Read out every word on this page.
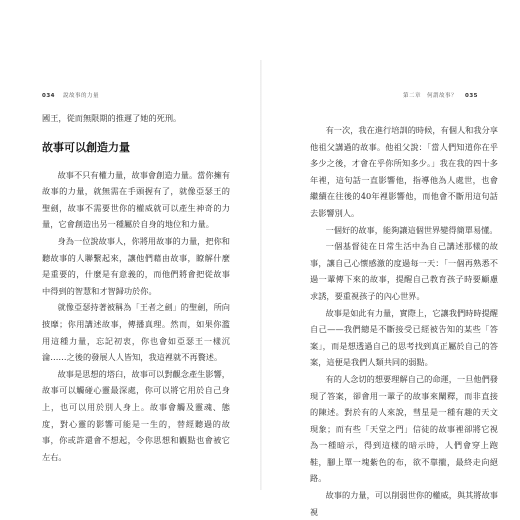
034 說故事的力量

國王，從而無限期的推遲了她的死刑。

故事可以創造力量

故事不只有權力量，故事會創造力量。當你擁有故事的力量，就無需在手頭握有了，就像亞瑟王的聖劍，故事不需要世你的權威就可以產生神奇的力量，它會創造出另一種屬於自身的地位和力量。

身為一位說故事人，你將用故事的力量，把你和聽故事的人聯繫起來，讓他們藉由故事，瞭解什麼是重要的，什麼是有意義的，而他們將會把從故事中得到的智慧和才智歸功於你。

就像亞瑟持著被稱為「王者之劍」的聖劍，所向披靡；你用講述故事，傳播真理。然而，如果你濫用這種力量，忘記初衷，你也會如亞瑟王一樣沉淪……之後的發展人人皆知，我這裡就不再贅述。

故事是思想的塔臼，故事可以對觀念產生影響，故事可以觸碰心靈最深處，你可以將它用於自己身上，也可以用於別人身上。故事會觸及靈魂、態度，對心靈的影響可能是一生的，替經聽過的故事，你或許還會不想起，令你思想和觀點也會被它左右。

第二章　何謂故事？ 035

有一次，我在進行培訓的時候，有個人和我分享他祖父講過的故事。他祖父說：「當人們知道你在乎多少之後，才會在乎你所知多少。」我在我的四十多年裡，這句話一直影響他，指導他為人處世，也會繼續在往後的40年裡影響他，而他會不斷用這句話去影響別人。

一個好的故事，能夠讓這個世界變得簡單易懂。

一個基督徒在日常生活中為自己講述那樣的故事，讓自己心懷感激的度過每一天：「一個再熟悉不過一輩傳下來的故事，提醒自己教育孩子時要顧慮求誘，要重視孩子的內心世界。

故事是如此有力量，實際上，它讓我們時時提醒自己——我們總是不斷接受已經被告知的某些「答案」，而是想透過自己的思考找到真正屬於自己的答案，這便是我們人類共同的弱點。

有的人念切的想要理解自己的命運，一旦他們發現了答案，卻會用一輩子的故事來闡釋，而非直接的陳述。對於有的人來說，彗星是一種有趣的天文現象；而有些「天堂之門」信徒的故事裡卻將它視為一種暗示，得到這樣的暗示時，人們會穿上跑鞋，腳上單一塊紫色的布，欲不靠攏，最終走向絕路。

故事的力量，可以削弱世你的權威，與其將故事視
